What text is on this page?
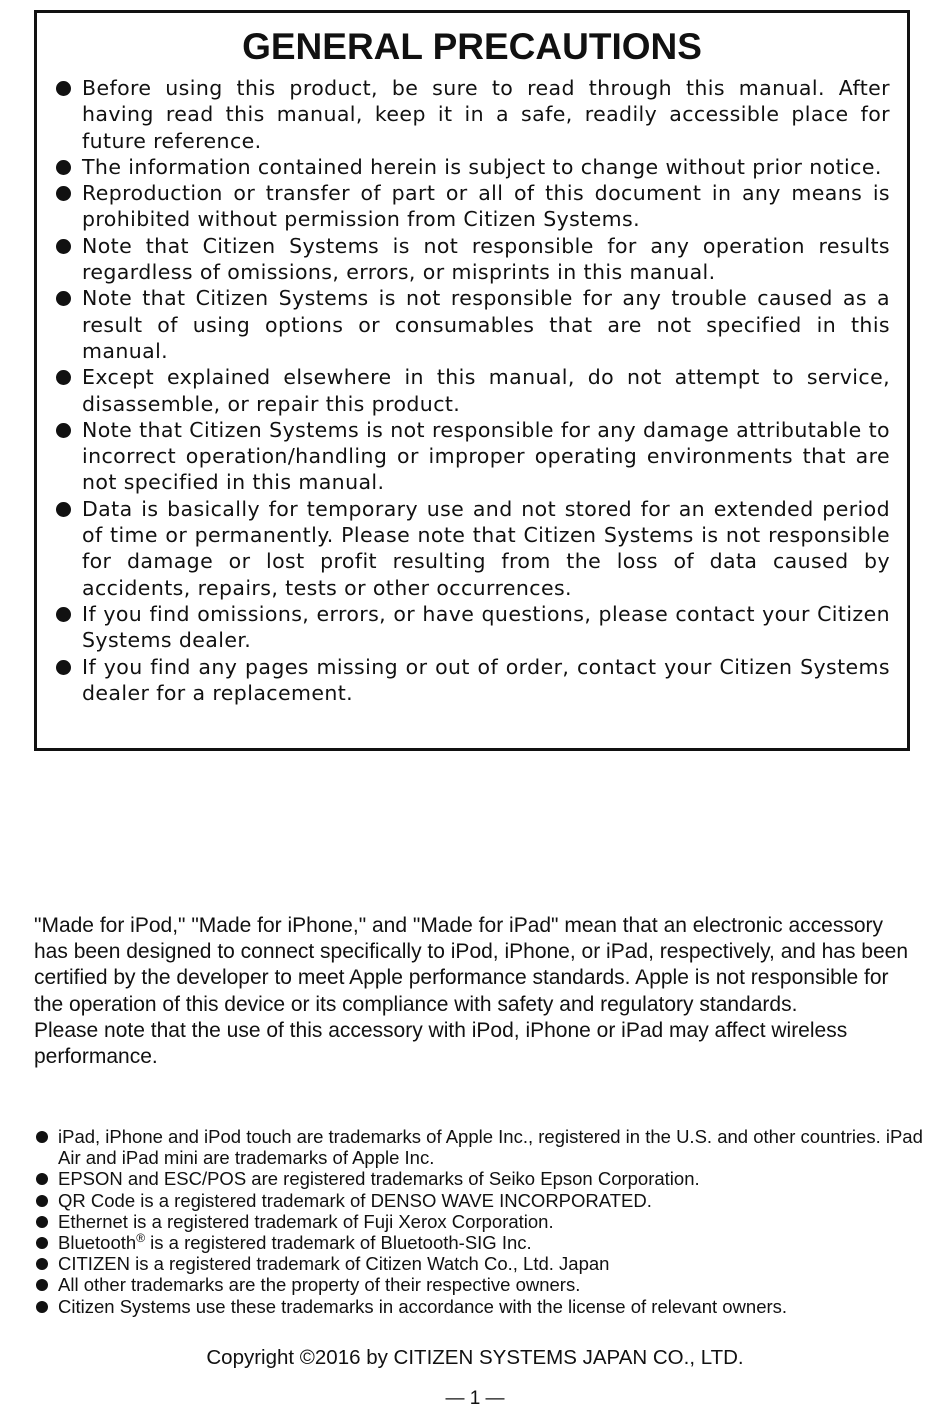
GENERAL PRECAUTIONS
Before using this product, be sure to read through this manual. After having read this manual, keep it in a safe, readily accessible place for future reference.
The information contained herein is subject to change without prior notice.
Reproduction or transfer of part or all of this document in any means is prohibited without permission from Citizen Systems.
Note that Citizen Systems is not responsible for any operation results regardless of omissions, errors, or misprints in this manual.
Note that Citizen Systems is not responsible for any trouble caused as a result of using options or consumables that are not specified in this manual.
Except explained elsewhere in this manual, do not attempt to service, disassemble, or repair this product.
Note that Citizen Systems is not responsible for any damage attributable to incorrect operation/handling or improper operating environments that are not specified in this manual.
Data is basically for temporary use and not stored for an extended period of time or permanently. Please note that Citizen Systems is not responsible for damage or lost profit resulting from the loss of data caused by accidents, repairs, tests or other occurrences.
If you find omissions, errors, or have questions, please contact your Citizen Systems dealer.
If you find any pages missing or out of order, contact your Citizen Systems dealer for a replacement.

"Made for iPod," "Made for iPhone," and "Made for iPad" mean that an electronic accessory has been designed to connect specifically to iPod, iPhone, or iPad, respectively, and has been certified by the developer to meet Apple performance standards. Apple is not responsible for the operation of this device or its compliance with safety and regulatory standards.

Please note that the use of this accessory with iPod, iPhone or iPad may affect wireless performance.

iPad, iPhone and iPod touch are trademarks of Apple Inc., registered in the U.S. and other countries. iPad Air and iPad mini are trademarks of Apple Inc.
EPSON and ESC/POS are registered trademarks of Seiko Epson Corporation.
QR Code is a registered trademark of DENSO WAVE INCORPORATED.
Ethernet is a registered trademark of Fuji Xerox Corporation.
Bluetooth® is a registered trademark of Bluetooth-SIG Inc.
CITIZEN is a registered trademark of Citizen Watch Co., Ltd. Japan
All other trademarks are the property of their respective owners.
Citizen Systems use these trademarks in accordance with the license of relevant owners.
Copyright ©2016 by CITIZEN SYSTEMS JAPAN CO., LTD.
— 1 —
